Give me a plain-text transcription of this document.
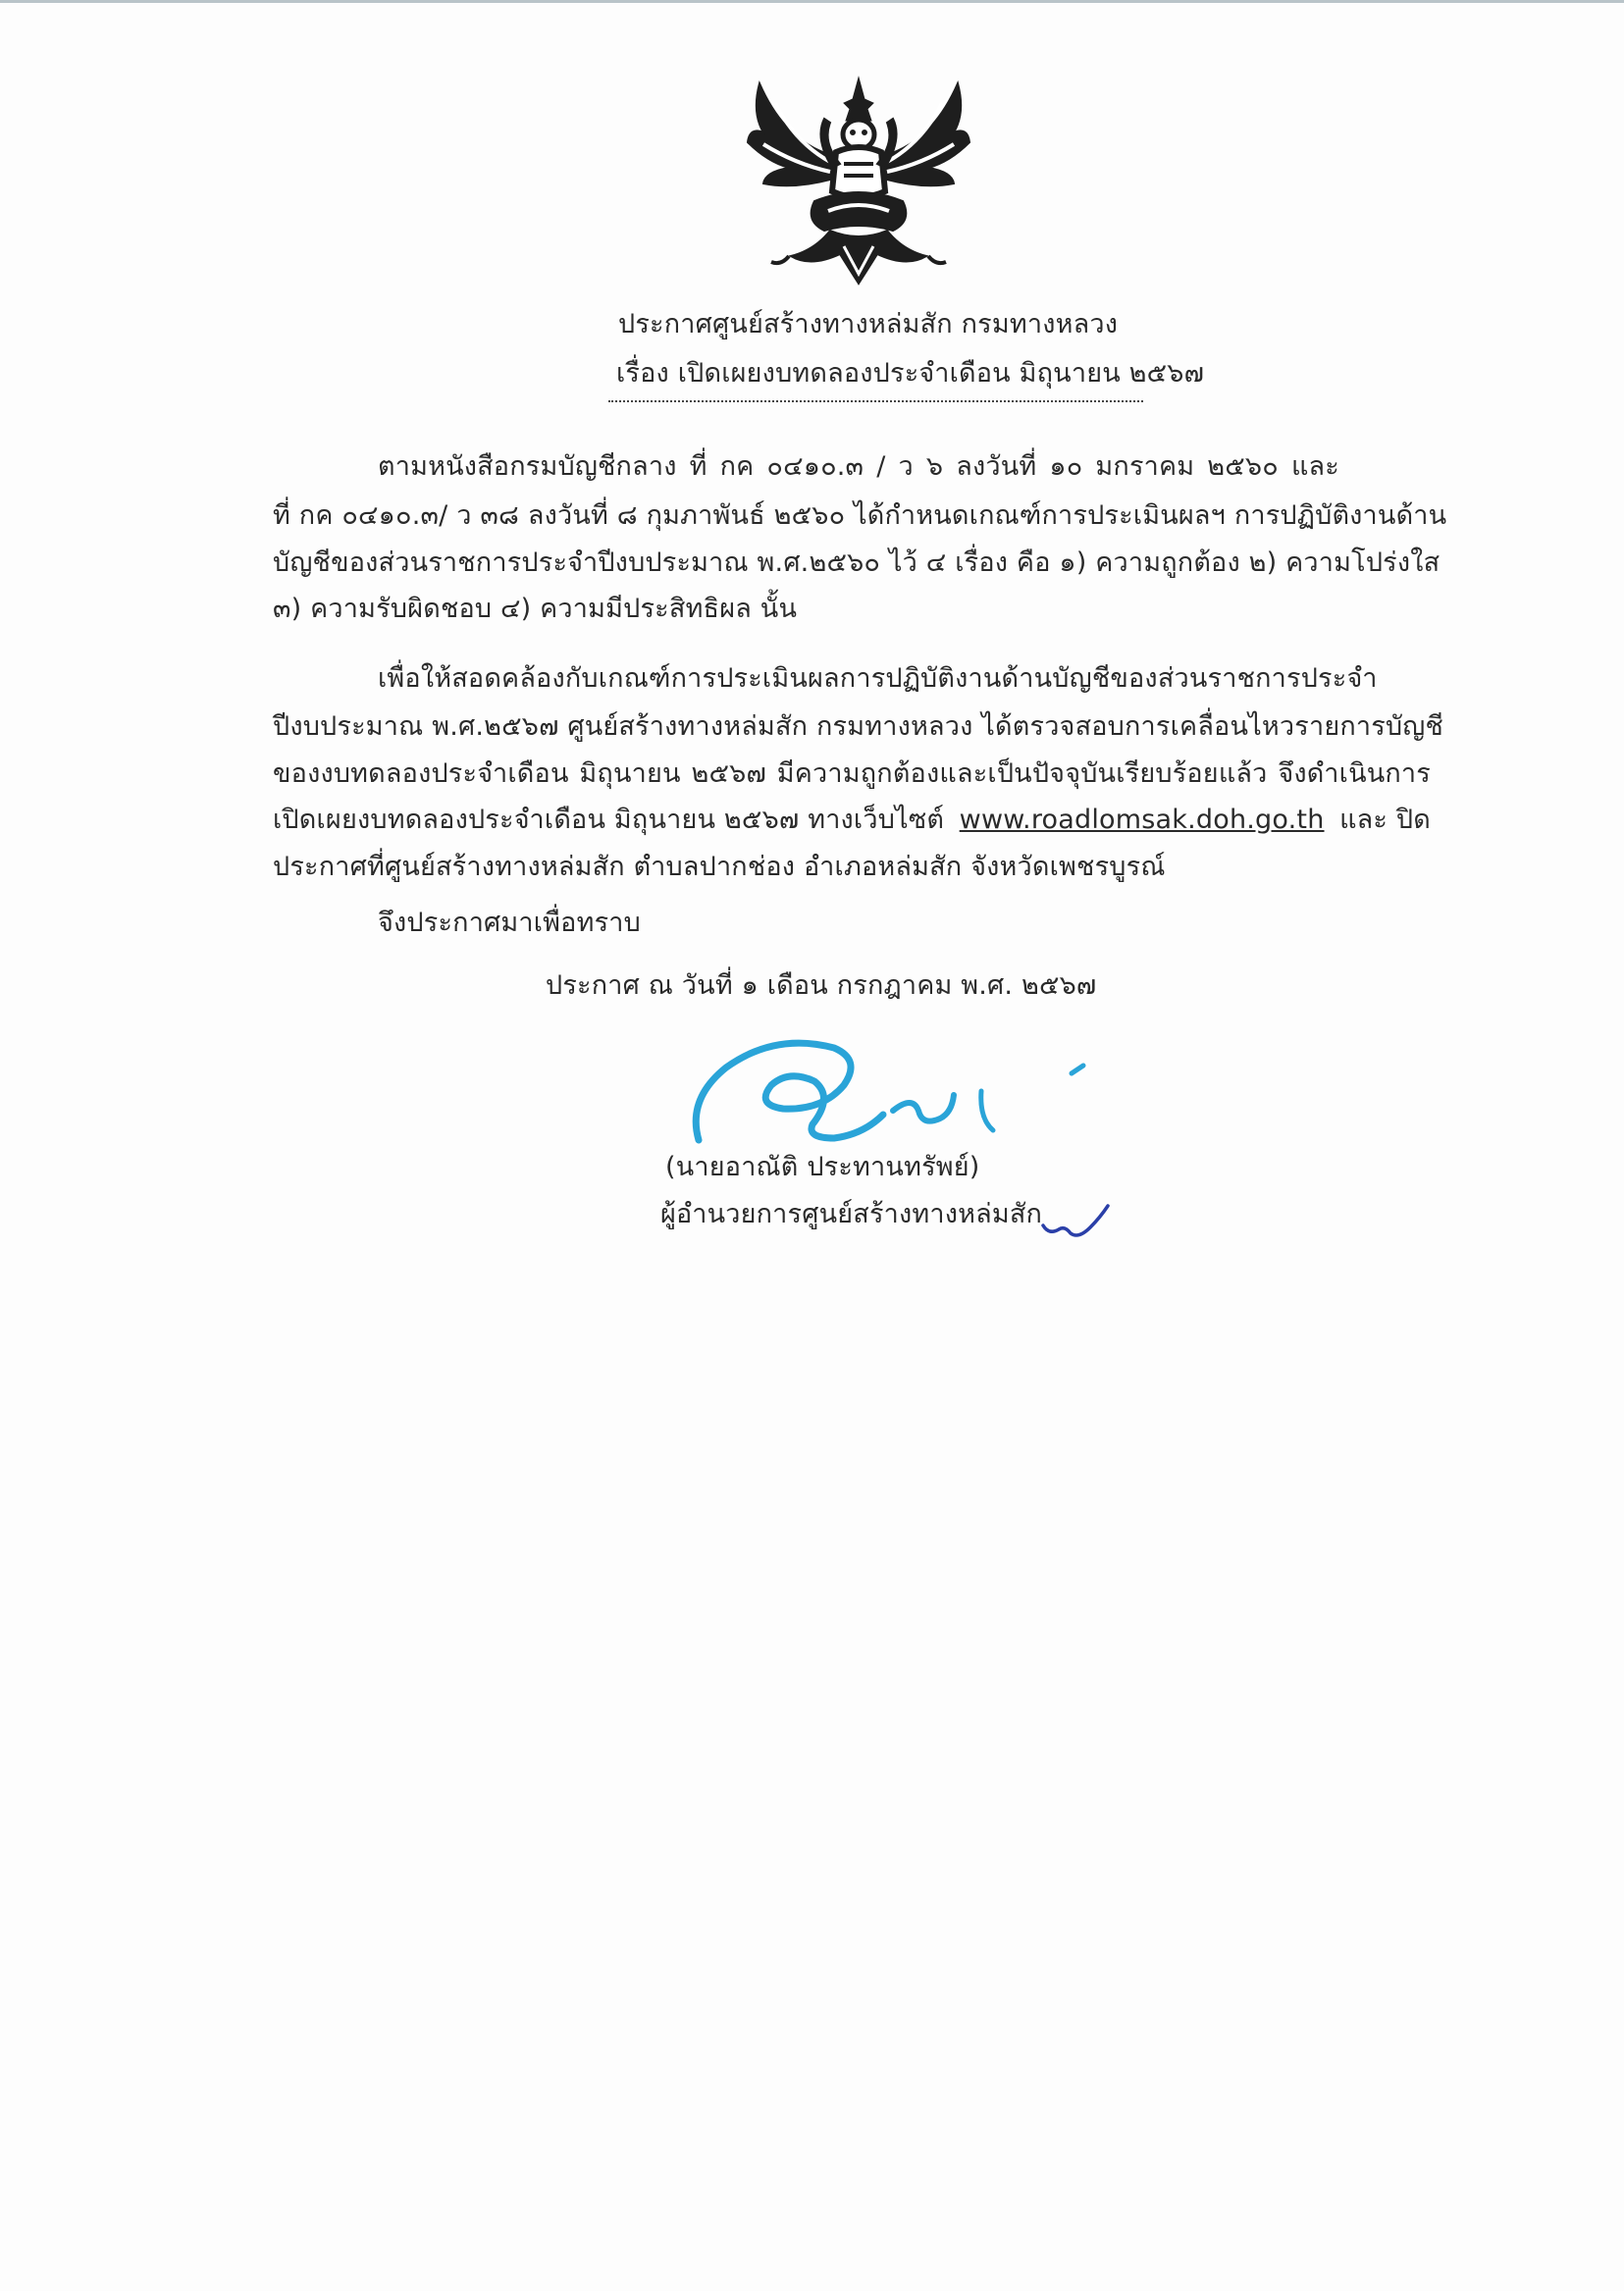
ประกาศศูนย์สร้างทางหล่มสัก กรมทางหลวง
เรื่อง เปิดเผยงบทดลองประจำเดือน มิถุนายน ๒๕๖๗
ตามหนังสือกรมบัญชีกลาง ที่ กค ๐๔๑๐.๓ / ว ๖ ลงวันที่ ๑๐ มกราคม ๒๕๖๐ และ
ที่ กค ๐๔๑๐.๓/ ว ๓๘ ลงวันที่ ๘ กุมภาพันธ์ ๒๕๖๐ ได้กำหนดเกณฑ์การประเมินผลฯ การปฏิบัติงานด้าน
บัญชีของส่วนราชการประจำปีงบประมาณ พ.ศ.๒๕๖๐ ไว้ ๔ เรื่อง คือ ๑) ความถูกต้อง ๒) ความโปร่งใส
๓) ความรับผิดชอบ ๔) ความมีประสิทธิผล นั้น
เพื่อให้สอดคล้องกับเกณฑ์การประเมินผลการปฏิบัติงานด้านบัญชีของส่วนราชการประจำ
ปีงบประมาณ พ.ศ.๒๕๖๗ ศูนย์สร้างทางหล่มสัก กรมทางหลวง ได้ตรวจสอบการเคลื่อนไหวรายการบัญชี
ของงบทดลองประจำเดือน มิถุนายน ๒๕๖๗ มีความถูกต้องและเป็นปัจจุบันเรียบร้อยแล้ว จึงดำเนินการ
เปิดเผยงบทดลองประจำเดือน มิถุนายน ๒๕๖๗ ทางเว็บไซต์ www.roadlomsak.doh.go.th และ ปิด
ประกาศที่ศูนย์สร้างทางหล่มสัก ตำบลปากช่อง อำเภอหล่มสัก จังหวัดเพชรบูรณ์
จึงประกาศมาเพื่อทราบ
ประกาศ ณ วันที่ ๑ เดือน กรกฎาคม พ.ศ. ๒๕๖๗
(นายอาณัติ ประทานทรัพย์)
ผู้อำนวยการศูนย์สร้างทางหล่มสัก
